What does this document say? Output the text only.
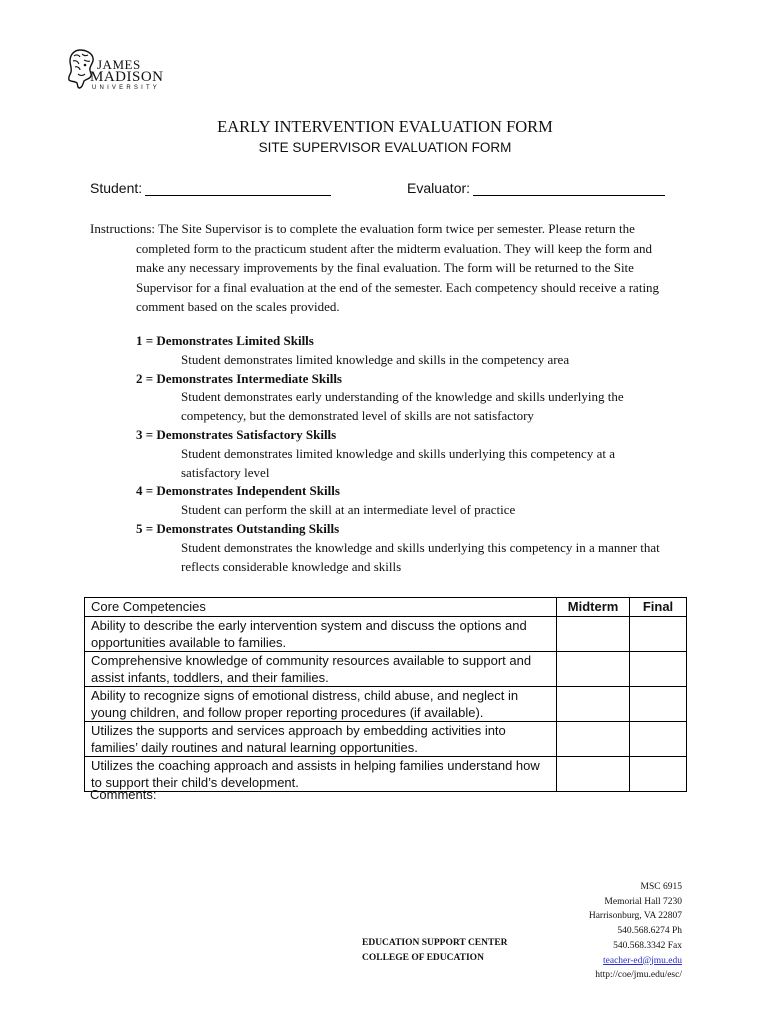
JAMES
MADISON
UNIVERSITY
EARLY INTERVENTION EVALUATION FORM
SITE SUPERVISOR EVALUATION FORM
Student:	Evaluator:
Instructions: The Site Supervisor is to complete the evaluation form twice per semester. Please return the completed form to the practicum student after the midterm evaluation. They will keep the form and make any necessary improvements by the final evaluation. The form will be returned to the Site Supervisor for a final evaluation at the end of the semester. Each competency should receive a rating comment based on the scales provided.
1 = Demonstrates Limited Skills
Student demonstrates limited knowledge and skills in the competency area
2 = Demonstrates Intermediate Skills
Student demonstrates early understanding of the knowledge and skills underlying the competency, but the demonstrated level of skills are not satisfactory
3 = Demonstrates Satisfactory Skills
Student demonstrates limited knowledge and skills underlying this competency at a satisfactory level
4 = Demonstrates Independent Skills
Student can perform the skill at an intermediate level of practice
5 = Demonstrates Outstanding Skills
Student demonstrates the knowledge and skills underlying this competency in a manner that reflects considerable knowledge and skills
Core Competencies	Midterm	Final
Ability to describe the early intervention system and discuss the options and opportunities available to families.		
Comprehensive knowledge of community resources available to support and assist infants, toddlers, and their families.		
Ability to recognize signs of emotional distress, child abuse, and neglect in young children, and follow proper reporting procedures (if available).		
Utilizes the supports and services approach by embedding activities into families’ daily routines and natural learning opportunities.		
Utilizes the coaching approach and assists in helping families understand how to support their child’s development.		
Comments:
EDUCATION SUPPORT CENTER
COLLEGE OF EDUCATION
MSC 6915
Memorial Hall 7230
Harrisonburg, VA 22807
540.568.6274 Ph
540.568.3342 Fax
teacher-ed@jmu.edu
http://coe/jmu.edu/esc/
